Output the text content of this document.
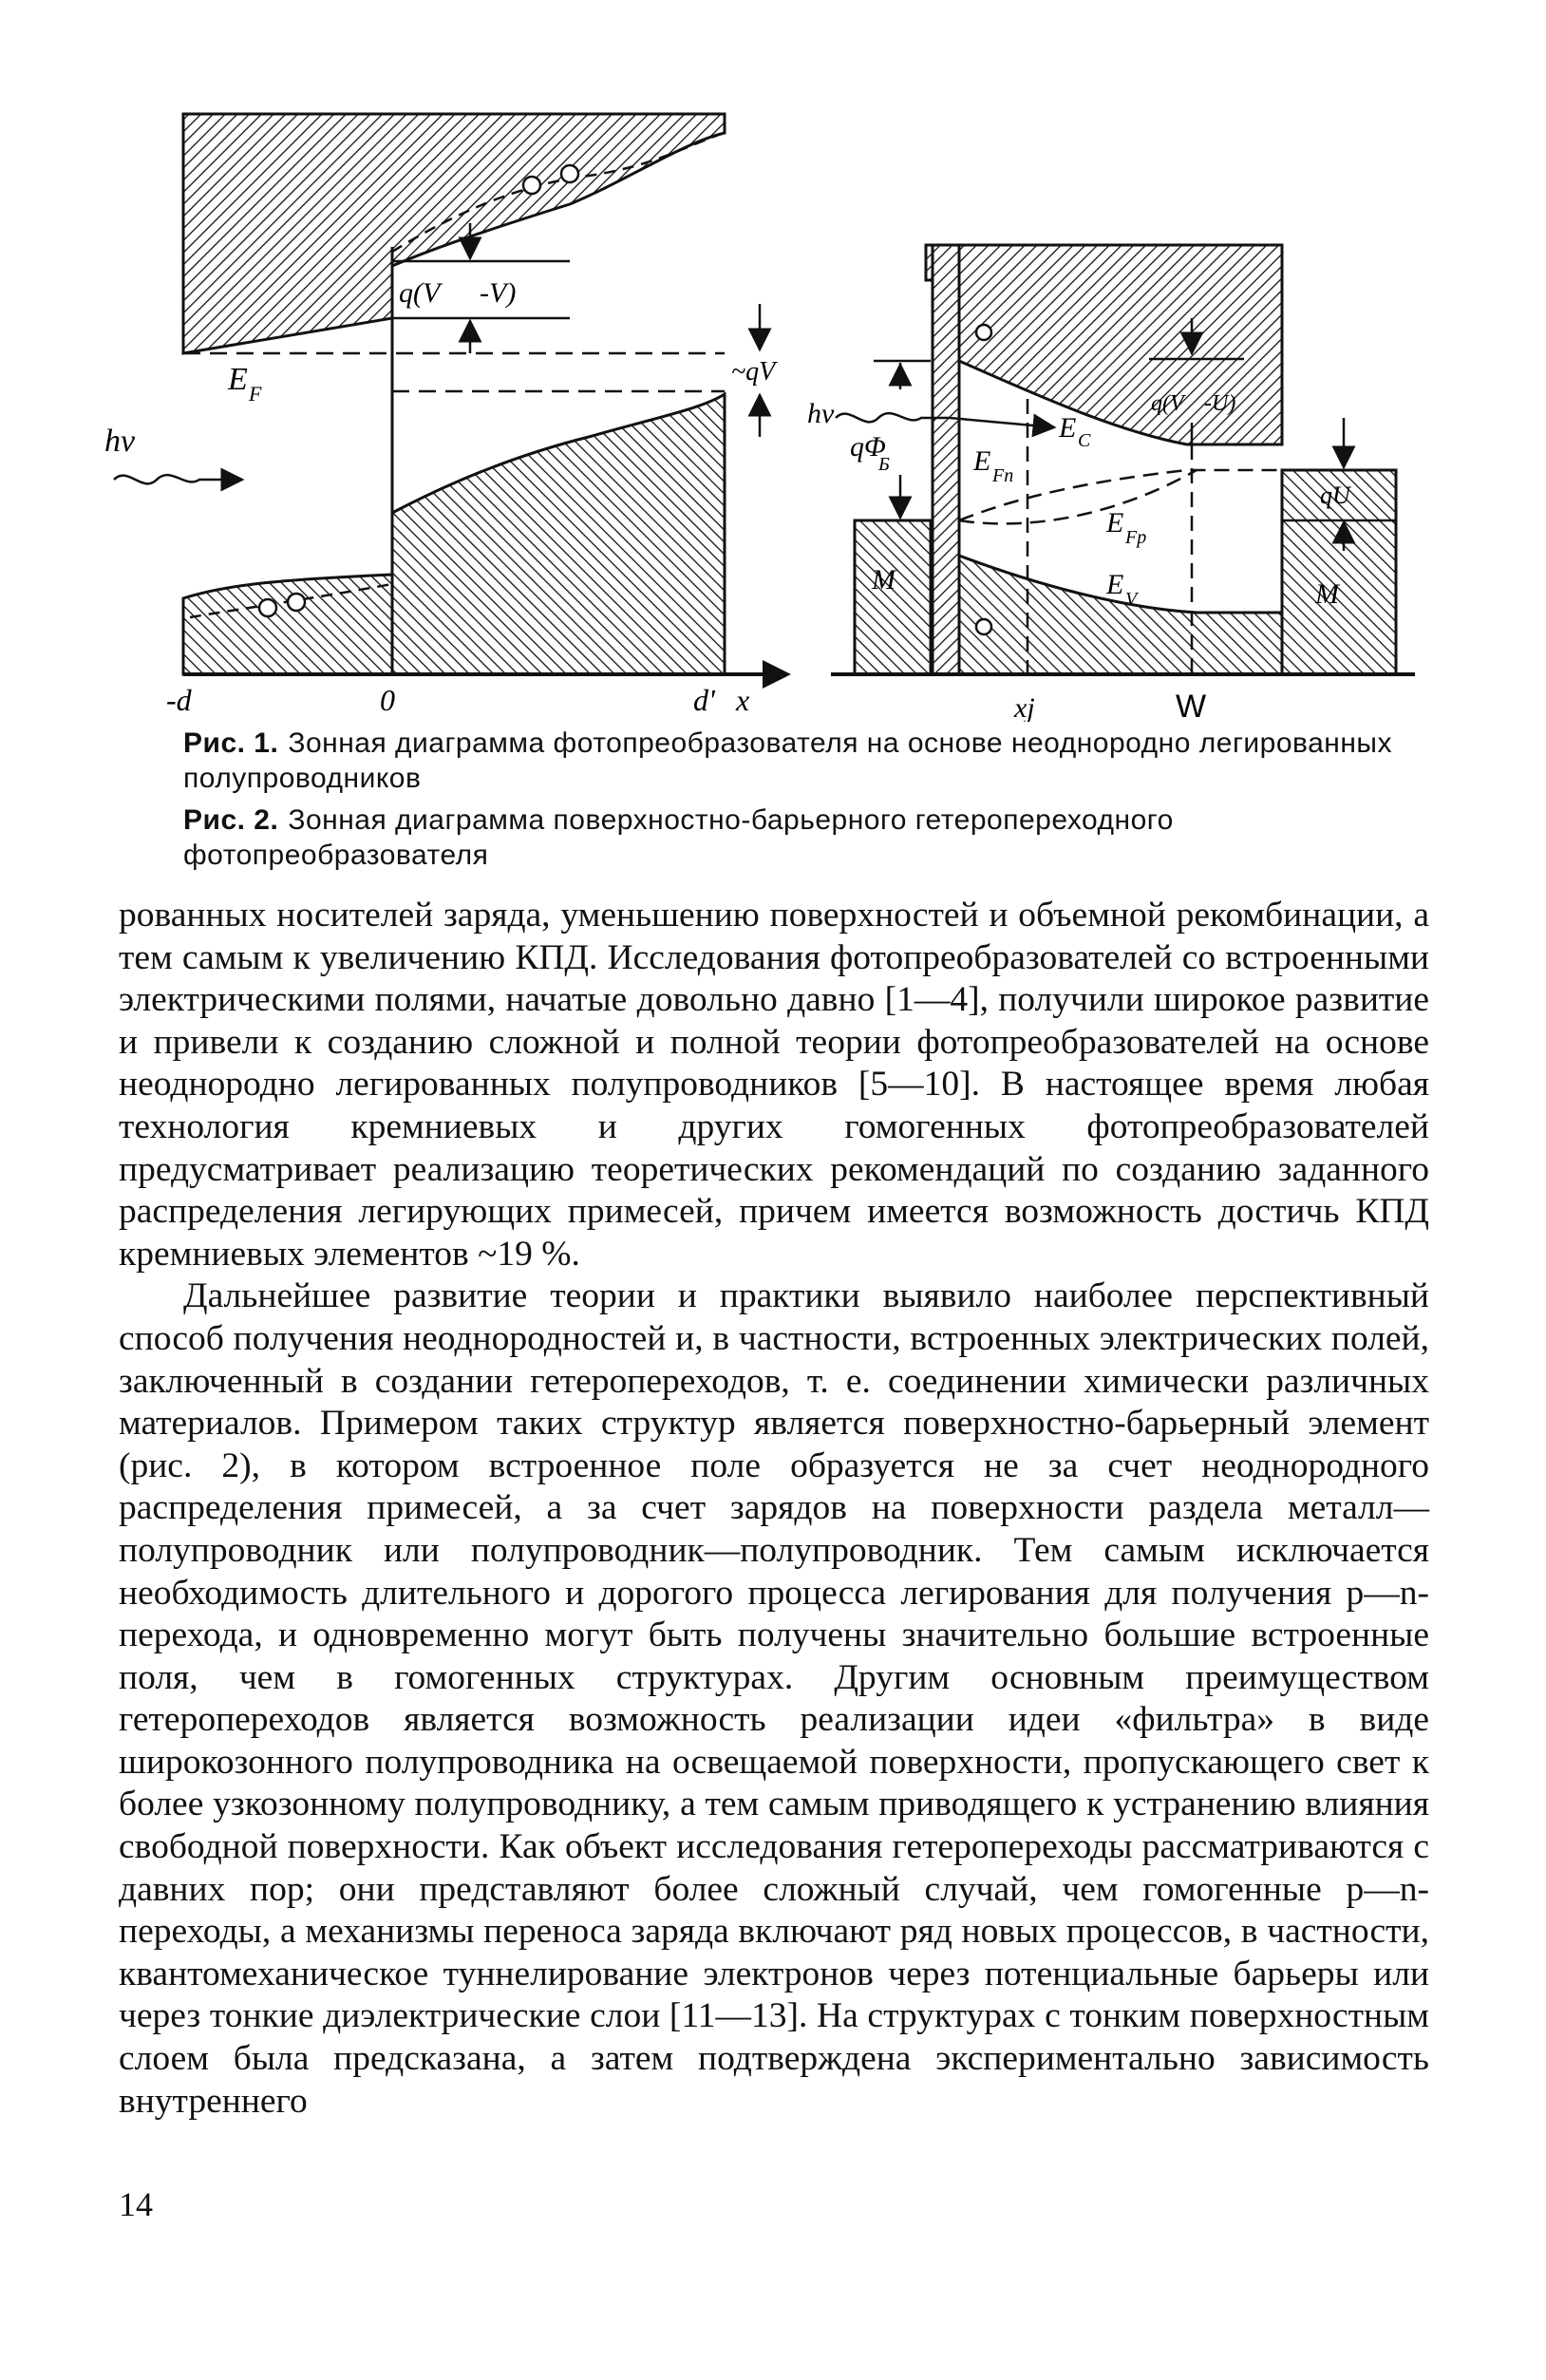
hν
E F
q(V -V)
~qV
-d	0	d' x
hν
qΦ
Б
E C
E Fn
E Fp
E V
q(V -U)
qU
M	M
xj	W
Рис. 1. Зонная диаграмма фотопреобразователя на основе неоднородно легированных полупроводников
Рис. 2. Зонная диаграмма поверхностно-барьерного гетеропереходного фотопреобразователя

рованных носителей заряда, уменьшению поверхностей и объемной рекомбинации, а тем самым к увеличению КПД. Исследования фотопреобразователей со встроенными электрическими полями, начатые довольно давно [1—4], получили широкое развитие и привели к созданию сложной и полной теории фотопреобразователей на основе неоднородно легированных полупроводников [5—10]. В настоящее время любая технология кремниевых и других гомогенных фотопреобразователей предусматривает реализацию теоретических рекомендаций по созданию заданного распределения легирующих примесей, причем имеется возможность достичь КПД кремниевых элементов ~19 %.

Дальнейшее развитие теории и практики выявило наиболее перспективный способ получения неоднородностей и, в частности, встроенных электрических полей, заключенный в создании гетеропереходов, т. е. соединении химически различных материалов. Примером таких структур является поверхностно-барьерный элемент (рис. 2), в котором встроенное поле образуется не за счет неоднородного распределения примесей, а за счет зарядов на поверхности раздела металл—полупроводник или полупроводник—полупроводник. Тем самым исключается необходимость длительного и дорогого процесса легирования для получения p—n-перехода, и одновременно могут быть получены значительно большие встроенные поля, чем в гомогенных структурах. Другим основным преимуществом гетеропереходов является возможность реализации идеи «фильтра» в виде широкозонного полупроводника на освещаемой поверхности, пропускающего свет к более узкозонному полупроводнику, а тем самым приводящего к устранению влияния свободной поверхности. Как объект исследования гетеропереходы рассматриваются с давних пор; они представляют более сложный случай, чем гомогенные p—n-переходы, а механизмы переноса заряда включают ряд новых процессов, в частности, квантомеханическое туннелирование электронов через потенциальные барьеры или через тонкие диэлектрические слои [11—13]. На структурах с тонким поверхностным слоем была предсказана, а затем подтверждена экспериментально зависимость внутреннего

14
